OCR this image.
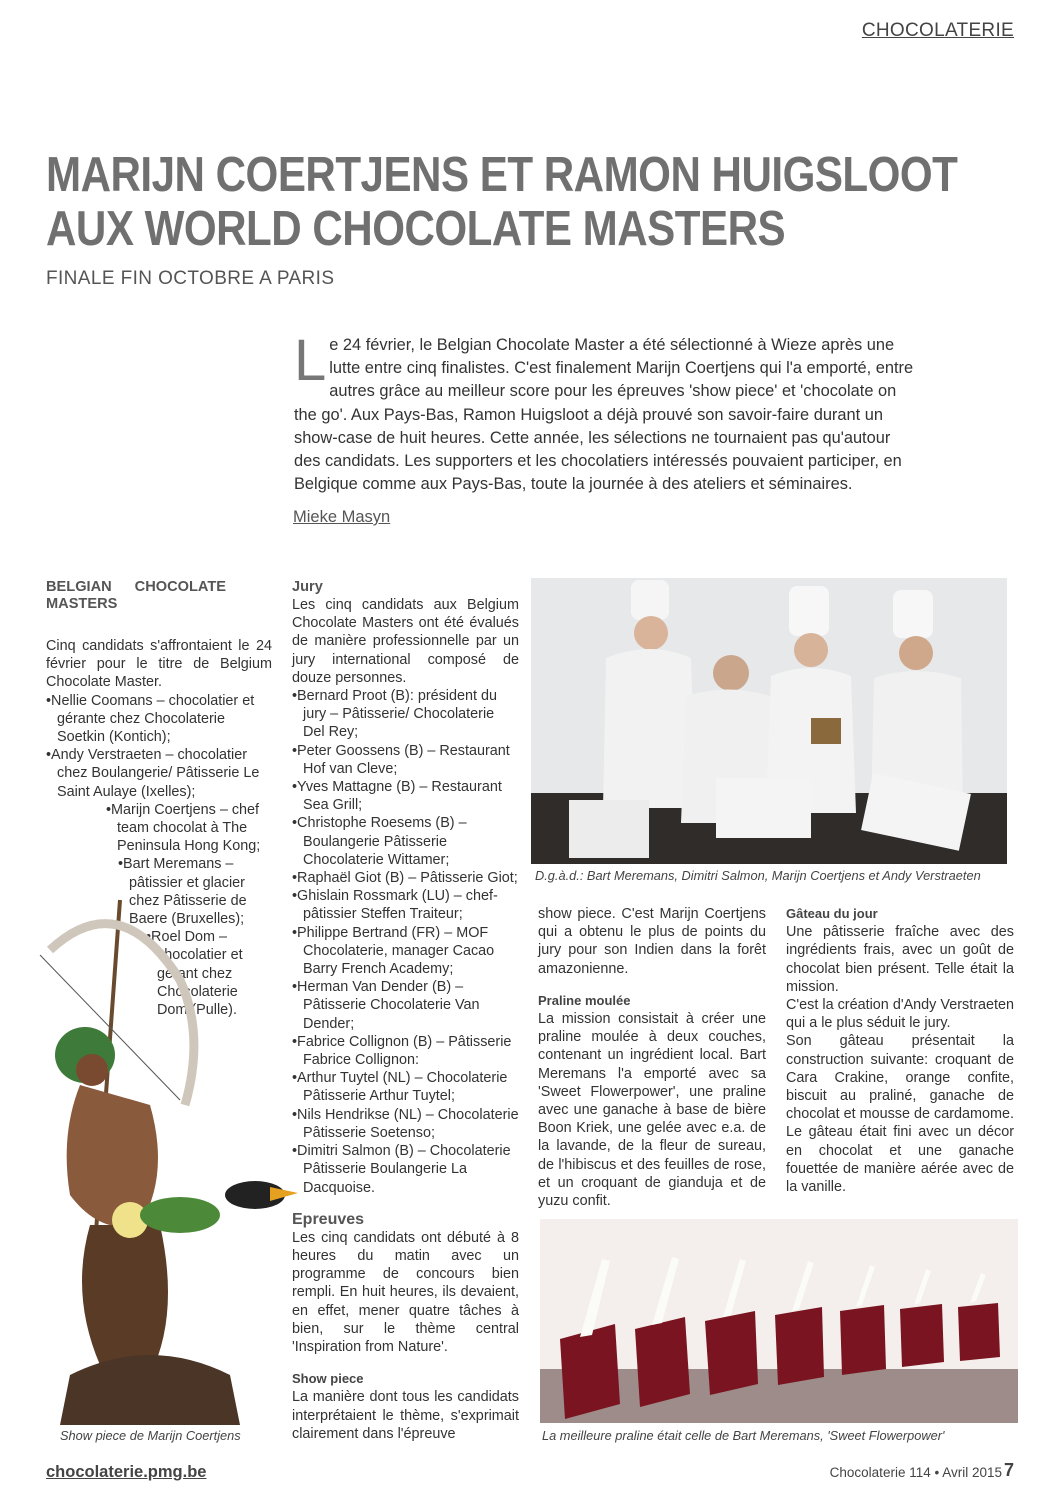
CHOCOLATERIE
MARIJN COERTJENS ET RAMON HUIGSLOOT
AUX WORLD CHOCOLATE MASTERS
FINALE FIN OCTOBRE A PARIS
L e 24 février, le Belgian Chocolate Master a été sélectionné à Wieze après une lutte entre cinq finalistes. C'est finalement Marijn Coertjens qui l'a emporté, entre autres grâce au meilleur score pour les épreuves 'show piece' et 'chocolate on the go'. Aux Pays-Bas, Ramon Huigsloot a déjà prouvé son savoir-faire durant un show-case de huit heures. Cette année, les sélections ne tournaient pas qu'autour des candidats. Les supporters et les chocolatiers intéressés pouvaient participer, en Belgique comme aux Pays-Bas, toute la journée à des ateliers et séminaires.
Mieke Masyn
BELGIAN CHOCOLATE MASTERS

Cinq candidats s'affrontaient le 24 février pour le titre de Belgium Chocolate Master.

• Nellie Coomans – chocolatier et gérante chez Chocolaterie Soetkin (Kontich);
• Andy Verstraeten – chocolatier chez Boulangerie/ Pâtisserie Le Saint Aulaye (Ixelles);
• Marijn Coertjens – chef team chocolat à The Peninsula Hong Kong;
• Bart Meremans – pâtissier et glacier chez Pâtisserie de Baere (Bruxelles);
• Roel Dom – chocolatier et gérant chez Chocolaterie Dom (Pulle).
Show piece de Marijn Coertjens
Jury

Les cinq candidats aux Belgium Chocolate Masters ont été évalués de manière professionnelle par un jury international composé de douze personnes.

• Bernard Proot (B): président du jury – Pâtisserie/ Chocolaterie Del Rey;
• Peter Goossens (B) – Restaurant Hof van Cleve;
• Yves Mattagne (B) – Restaurant Sea Grill;
• Christophe Roesems (B) – Boulangerie Pâtisserie Chocolaterie Wittamer;
• Raphaël Giot (B) – Pâtisserie Giot;
• Ghislain Rossmark (LU) – chef-pâtissier Steffen Traiteur;
• Philippe Bertrand (FR) – MOF Chocolaterie, manager Cacao Barry French Academy;
• Herman Van Dender (B) – Pâtisserie Chocolaterie Van Dender;
• Fabrice Collignon (B) – Pâtisserie Fabrice Collignon:
• Arthur Tuytel (NL) – Chocolaterie Pâtisserie Arthur Tuytel;
• Nils Hendrikse (NL) – Chocolaterie Pâtisserie Soetenso;
• Dimitri Salmon (B) – Chocolaterie Pâtisserie Boulangerie La Dacquoise.
Epreuves

Les cinq candidats ont débuté à 8 heures du matin avec un programme de concours bien rempli. En huit heures, ils devaient, en effet, mener quatre tâches à bien, sur le thème central 'Inspiration from Nature'.

Show piece

La manière dont tous les candidats interprétaient le thème, s'exprimait clairement dans l'épreuve

D.g.à.d.: Bart Meremans, Dimitri Salmon, Marijn Coertjens et Andy Verstraeten

show piece. C'est Marijn Coertjens qui a obtenu le plus de points du jury pour son Indien dans la forêt amazonienne.

Praline moulée

La mission consistait à créer une praline moulée à deux couches, contenant un ingrédient local. Bart Meremans l'a emporté avec sa 'Sweet Flowerpower', une praline avec une ganache à base de bière Boon Kriek, une gelée avec e.a. de la lavande, de la fleur de sureau, de l'hibiscus et des feuilles de rose, et un croquant de gianduja et de yuzu confit.

Gâteau du jour

Une pâtisserie fraîche avec des ingrédients frais, avec un goût de chocolat bien présent. Telle était la mission.

C'est la création d'Andy Verstraeten qui a le plus séduit le jury.

Son gâteau présentait la construction suivante: croquant de Cara Crakine, orange confite, biscuit au praliné, ganache de chocolat et mousse de cardamome. Le gâteau était fini avec un décor en chocolat et une ganache fouettée de manière aérée avec de la vanille.

La meilleure praline était celle de Bart Meremans, 'Sweet Flowerpower'
chocolaterie.pmg.be	Chocolaterie 114 • Avril 2015 7
